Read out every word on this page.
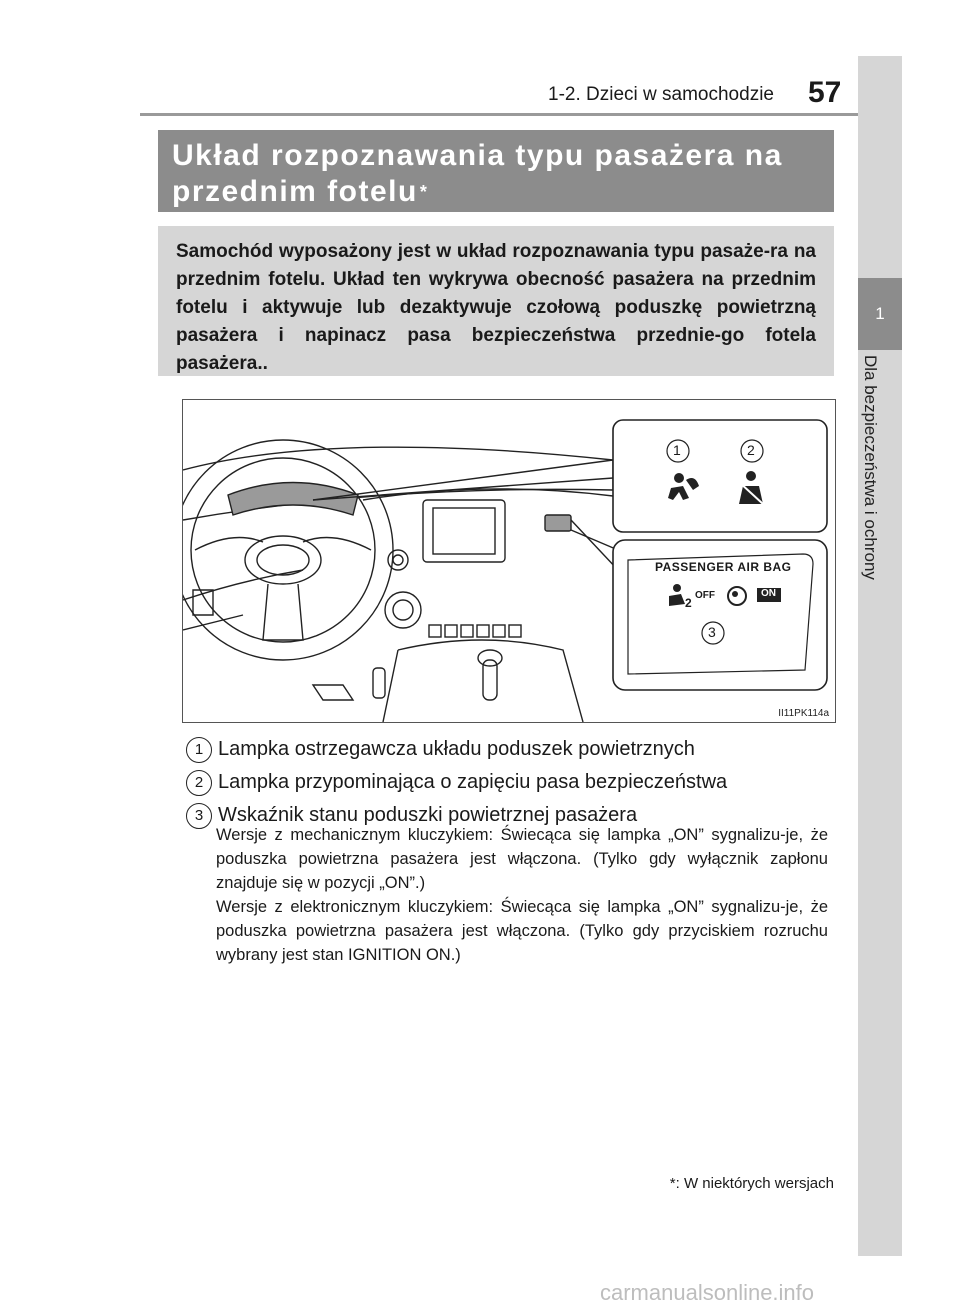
1-2. Dzieci w samochodzie 57
1
Dla bezpieczeństwa i ochrony
Układ rozpoznawania typu pasażera na przednim fotelu *

Samochód wyposażony jest w układ rozpoznawania typu pasaże-ra na przednim fotelu. Układ ten wykrywa obecność pasażera na przednim fotelu i aktywuje lub dezaktywuje czołową poduszkę powietrzną pasażera i napinacz pasa bezpieczeństwa przednie-go fotela pasażera..

1	2
3
PASSENGER AIR BAG
2
OFF	ON
II11PK114a
1 Lampka ostrzegawcza układu poduszek powietrznych
2 Lampka przypominająca o zapięciu pasa bezpieczeństwa
3 Wskaźnik stanu poduszki powietrznej pasażera

Wersje z mechanicznym kluczykiem: Świecąca się lampka „ON” sygnalizu-je, że poduszka powietrzna pasażera jest włączona. (Tylko gdy wyłącznik zapłonu znajduje się w pozycji „ON”.)

Wersje z elektronicznym kluczykiem: Świecąca się lampka „ON” sygnalizu-je, że poduszka powietrzna pasażera jest włączona. (Tylko gdy przyciskiem rozruchu wybrany jest stan IGNITION ON.)

*: W niektórych wersjach
carmanualsonline.info
